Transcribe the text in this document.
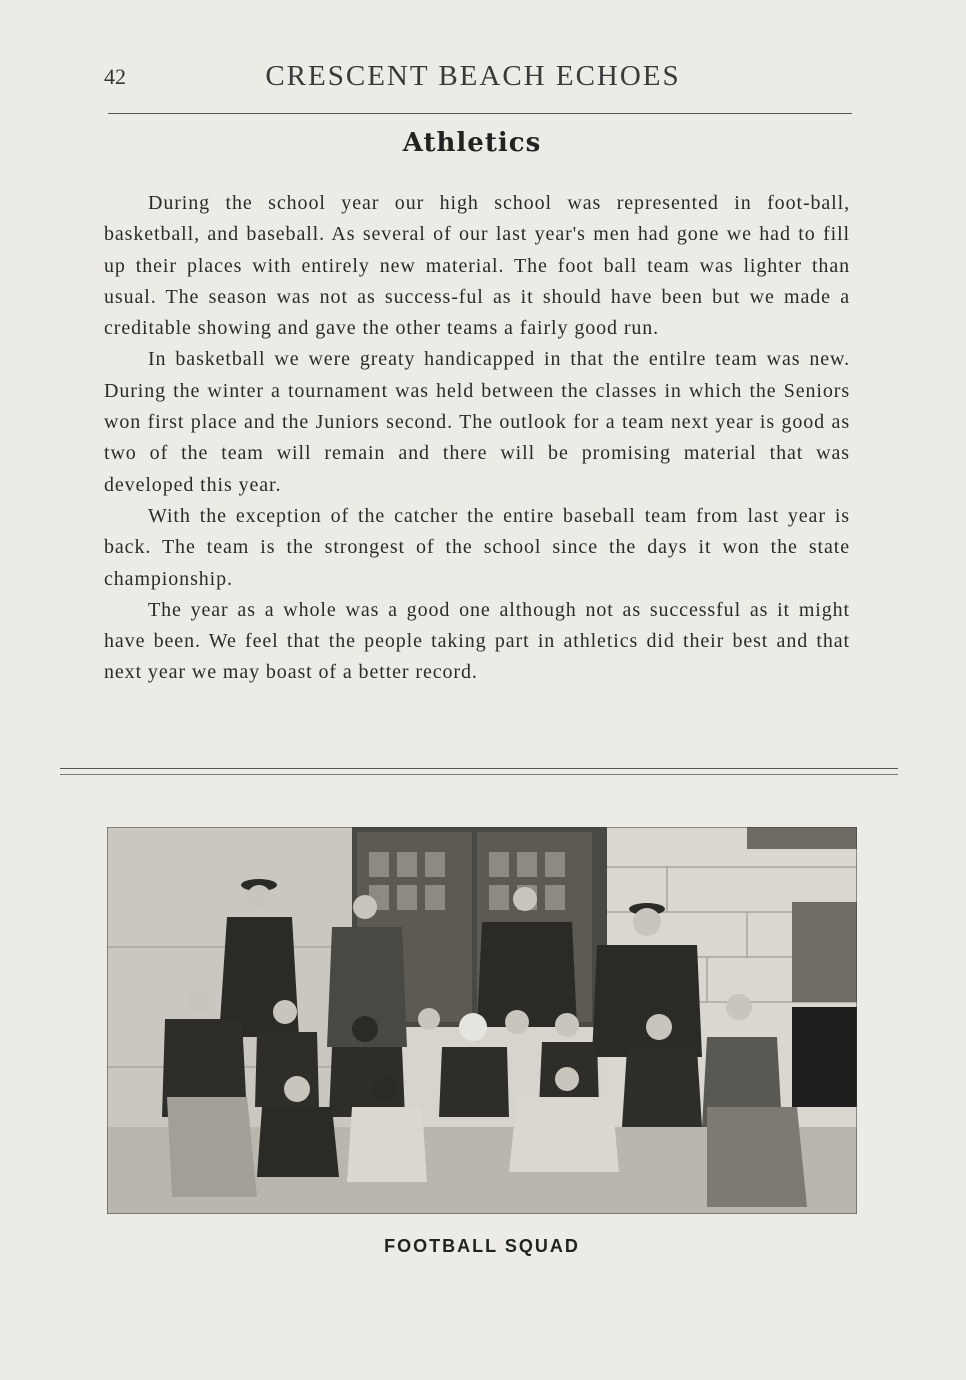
42	CRESCENT BEACH ECHOES
Athletics

During the school year our high school was represented in foot-ball, basketball, and baseball. As several of our last year's men had gone we had to fill up their places with entirely new material. The foot ball team was lighter than usual. The season was not as success-ful as it should have been but we made a creditable showing and gave the other teams a fairly good run.

In basketball we were greaty handicapped in that the entilre team was new. During the winter a tournament was held between the classes in which the Seniors won first place and the Juniors second. The outlook for a team next year is good as two of the team will remain and there will be promising material that was developed this year.

With the exception of the catcher the entire baseball team from last year is back. The team is the strongest of the school since the days it won the state championship.

The year as a whole was a good one although not as successful as it might have been. We feel that the people taking part in athletics did their best and that next year we may boast of a better record.

FOOTBALL SQUAD
